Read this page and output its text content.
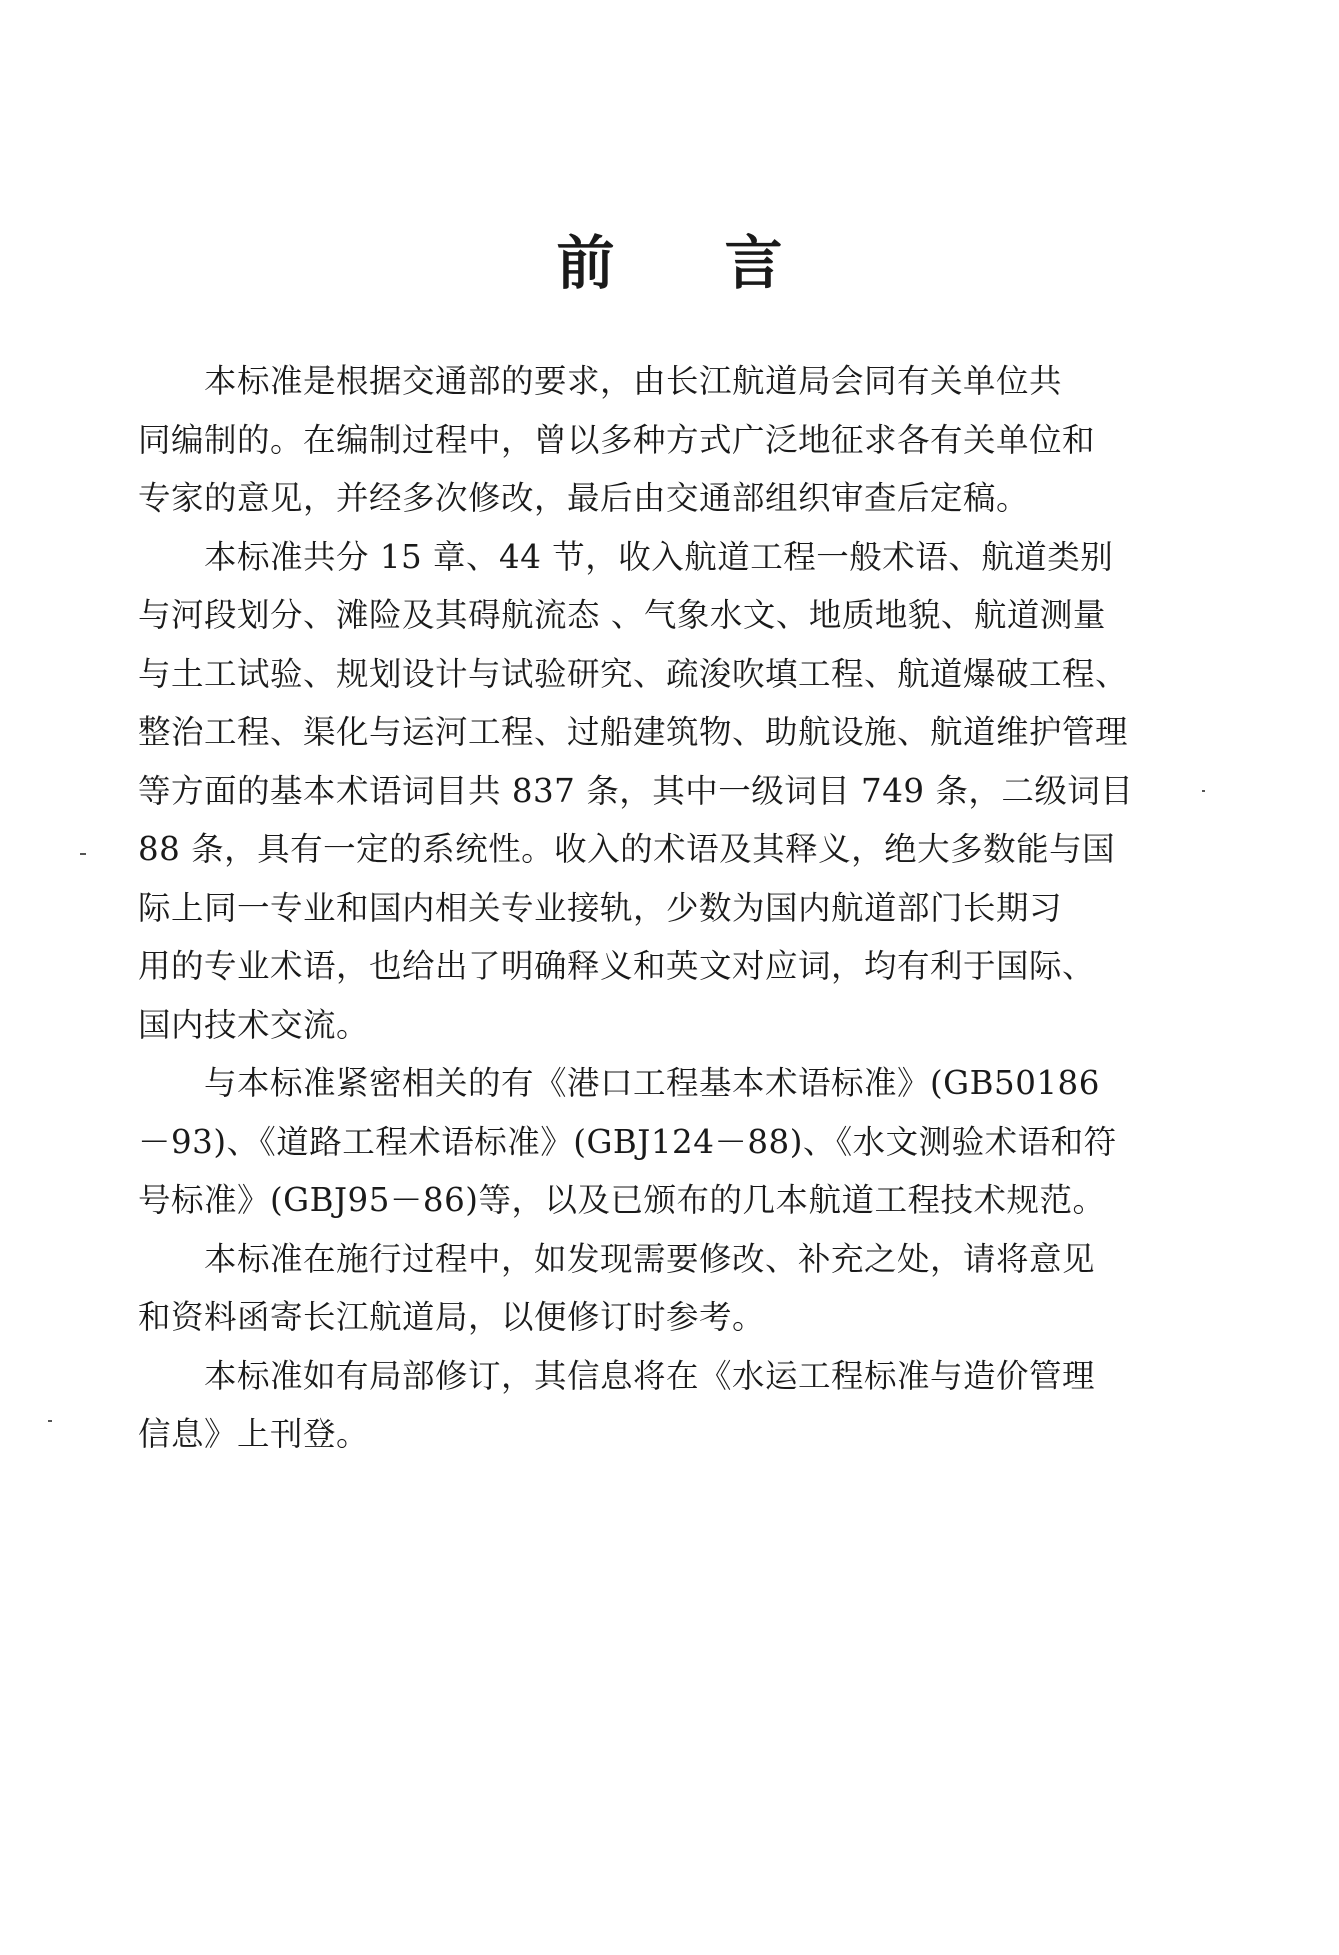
前言

本标准是根据交通部的要求，由长江航道局会同有关单位共
同编制的。在编制过程中，曾以多种方式广泛地征求各有关单位和
专家的意见，并经多次修改，最后由交通部组织审查后定稿。

本标准共分 15 章、44 节，收入航道工程一般术语、航道类别
与河段划分、滩险及其碍航流态 、气象水文、地质地貌、航道测量
与土工试验、规划设计与试验研究、疏浚吹填工程、航道爆破工程、
整治工程、渠化与运河工程、过船建筑物、助航设施、航道维护管理
等方面的基本术语词目共 837 条，其中一级词目 749 条，二级词目
88 条，具有一定的系统性。收入的术语及其释义，绝大多数能与国
际上同一专业和国内相关专业接轨，少数为国内航道部门长期习
用的专业术语，也给出了明确释义和英文对应词，均有利于国际、
国内技术交流。

与本标准紧密相关的有《港口工程基本术语标准》(GB50186
－93)、《道路工程术语标准》(GBJ124－88)、《水文测验术语和符
号标准》(GBJ95－86)等，以及已颁布的几本航道工程技术规范。

本标准在施行过程中，如发现需要修改、补充之处，请将意见
和资料函寄长江航道局，以便修订时参考。

本标准如有局部修订，其信息将在《水运工程标准与造价管理
信息》上刊登。
